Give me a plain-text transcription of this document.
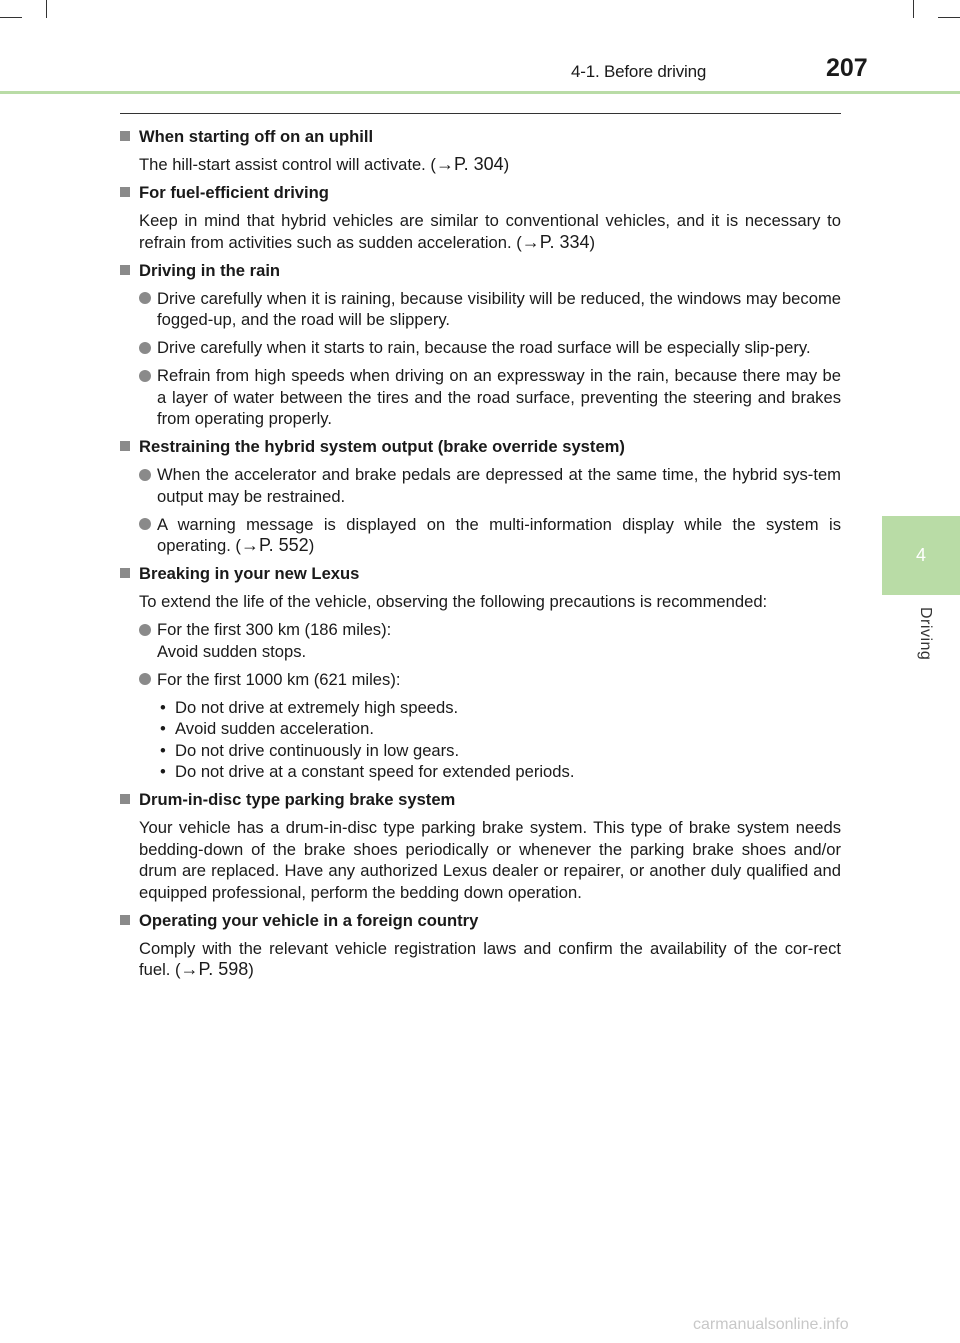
4-1. Before driving	207
4
Driving
When starting off on an uphill
The hill-start assist control will activate. (→P. 304)
For fuel-efficient driving
Keep in mind that hybrid vehicles are similar to conventional vehicles, and it is necessary to refrain from activities such as sudden acceleration. (→P. 334)
Driving in the rain
Drive carefully when it is raining, because visibility will be reduced, the windows may become fogged-up, and the road will be slippery.
Drive carefully when it starts to rain, because the road surface will be especially slip-pery.
Refrain from high speeds when driving on an expressway in the rain, because there may be a layer of water between the tires and the road surface, preventing the steering and brakes from operating properly.
Restraining the hybrid system output (brake override system)
When the accelerator and brake pedals are depressed at the same time, the hybrid sys-tem output may be restrained.
A warning message is displayed on the multi-information display while the system is operating. (→P. 552)
Breaking in your new Lexus
To extend the life of the vehicle, observing the following precautions is recommended:
For the first 300 km (186 miles):
Avoid sudden stops.
For the first 1000 km (621 miles):
• Do not drive at extremely high speeds.
• Avoid sudden acceleration.
• Do not drive continuously in low gears.
• Do not drive at a constant speed for extended periods.
Drum-in-disc type parking brake system
Your vehicle has a drum-in-disc type parking brake system. This type of brake system needs bedding-down of the brake shoes periodically or whenever the parking brake shoes and/or drum are replaced. Have any authorized Lexus dealer or repairer, or another duly qualified and equipped professional, perform the bedding down operation.
Operating your vehicle in a foreign country
Comply with the relevant vehicle registration laws and confirm the availability of the cor-rect fuel. (→P. 598)
carmanualsonline.info
